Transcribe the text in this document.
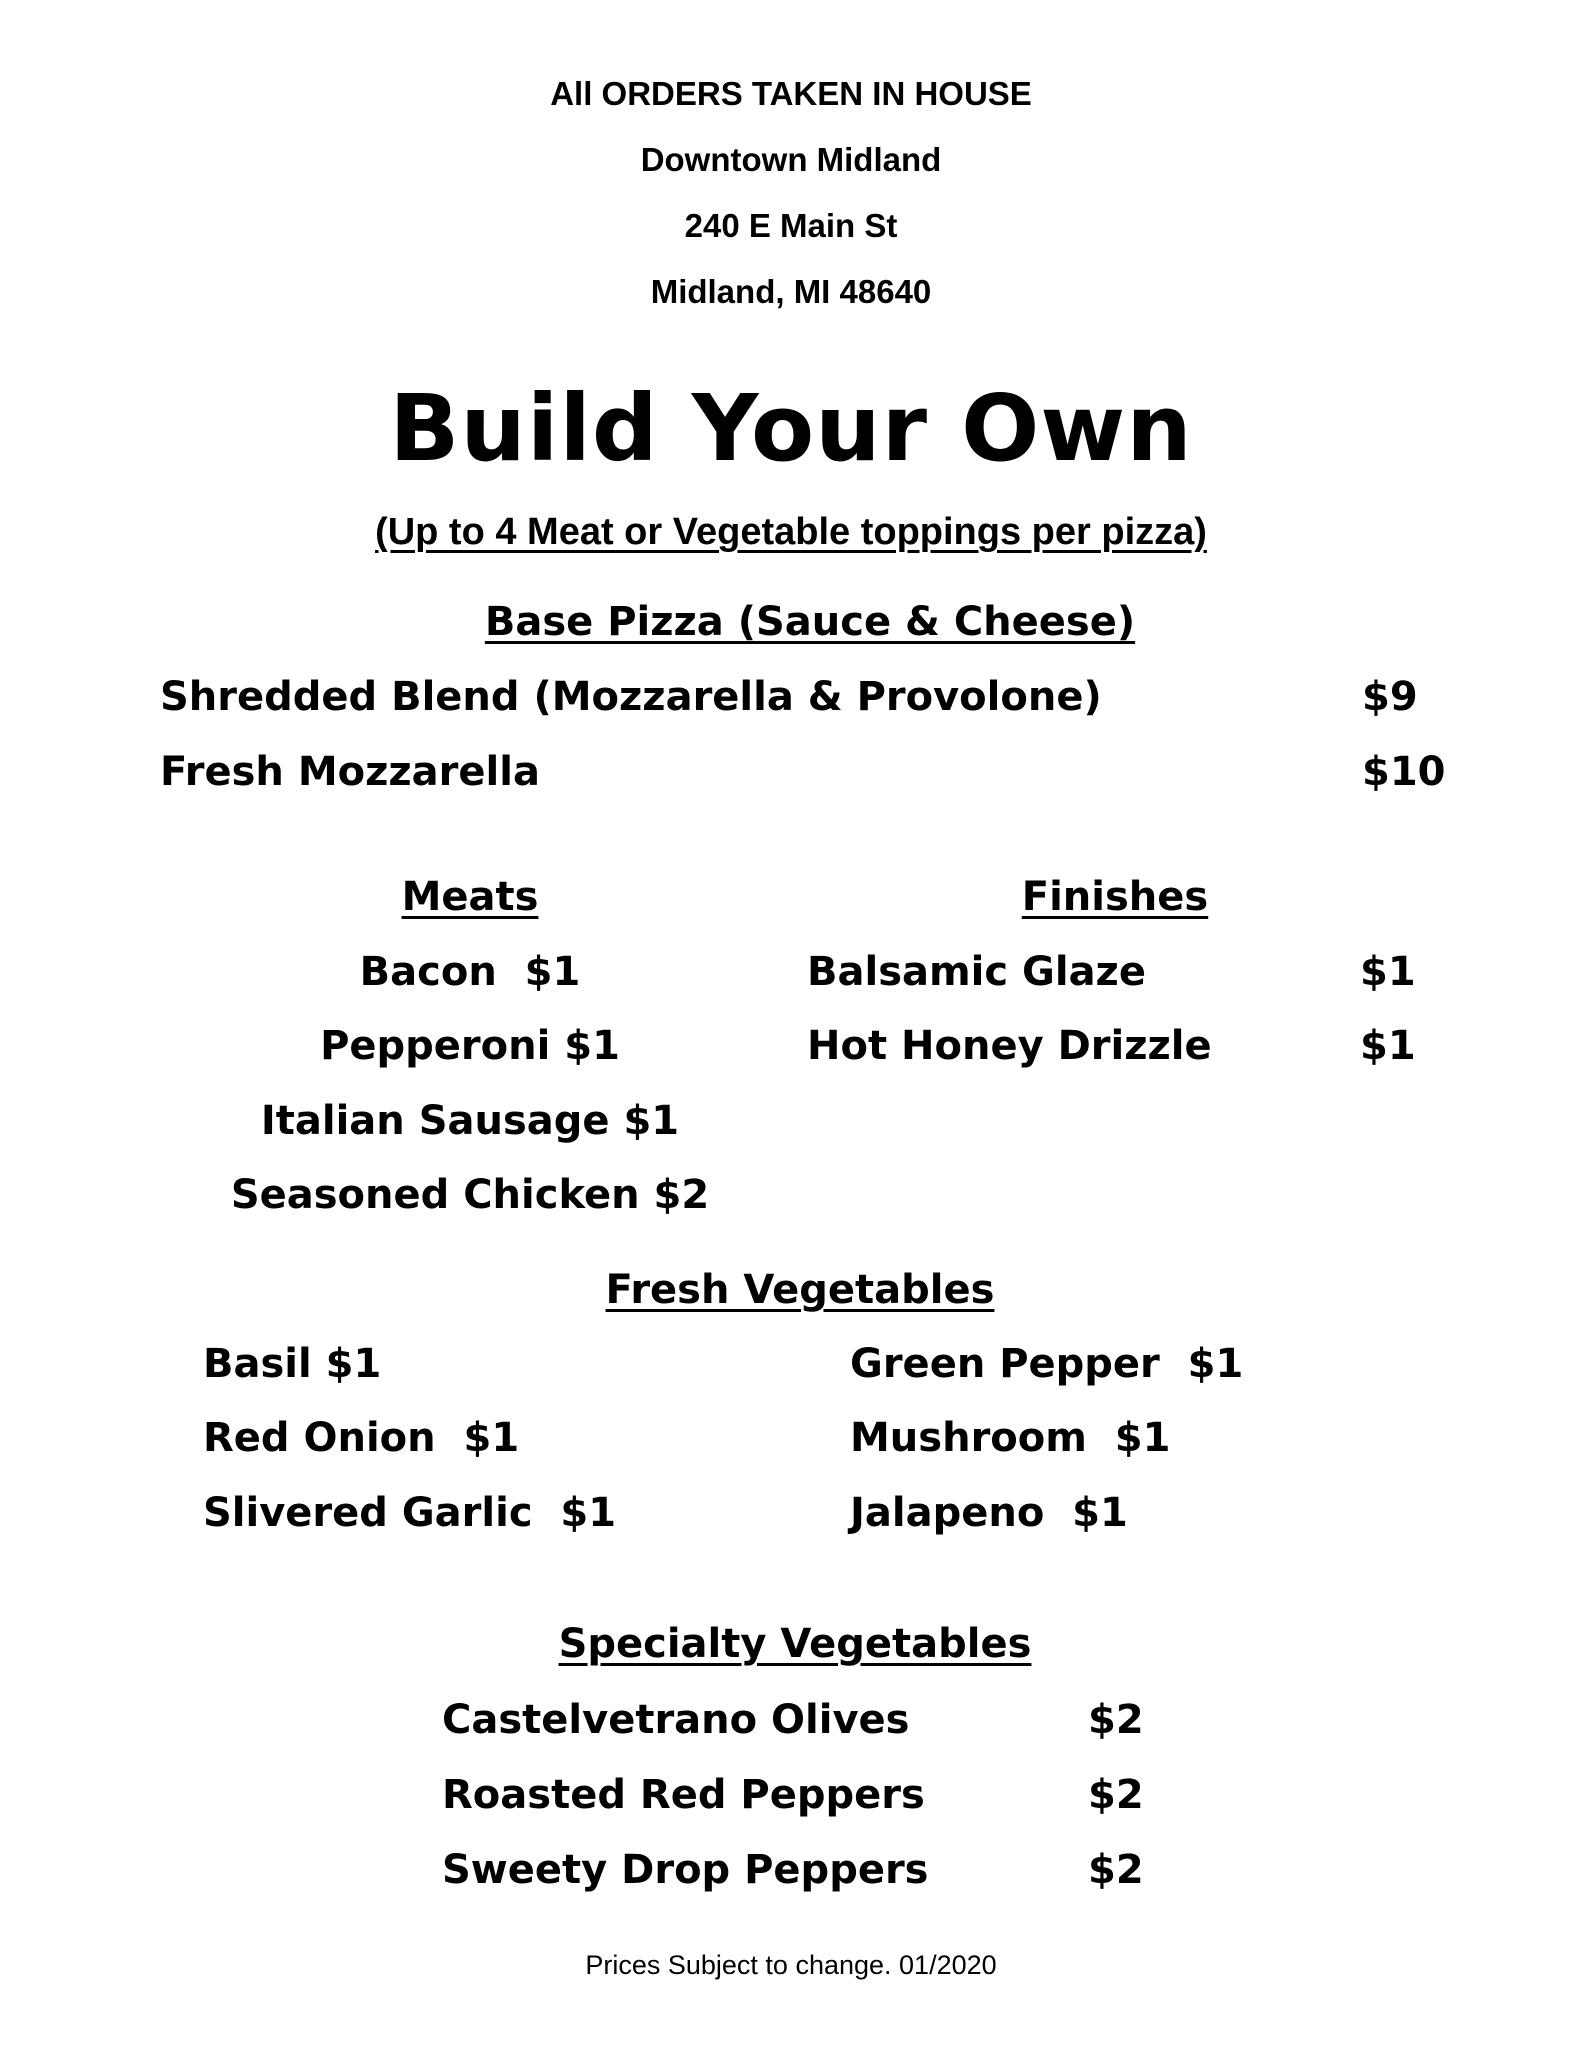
All ORDERS TAKEN IN HOUSE
Downtown Midland
240 E Main St
Midland, MI 48640
Build Your Own
(Up to 4 Meat or Vegetable toppings per pizza)
Base Pizza (Sauce & Cheese)
Shredded Blend (Mozzarella & Provolone)	$9
Fresh Mozzarella	$10
Meats
Bacon  $1
Pepperoni $1
Italian Sausage $1
Seasoned Chicken $2
Finishes
Balsamic Glaze	$1
Hot Honey Drizzle	$1
Fresh Vegetables
Basil $1
Red Onion  $1
Slivered Garlic  $1
Green Pepper  $1
Mushroom  $1
Jalapeno  $1
Specialty Vegetables
Castelvetrano Olives	$2
Roasted Red Peppers	$2
Sweety Drop Peppers	$2
Prices Subject to change. 01/2020
